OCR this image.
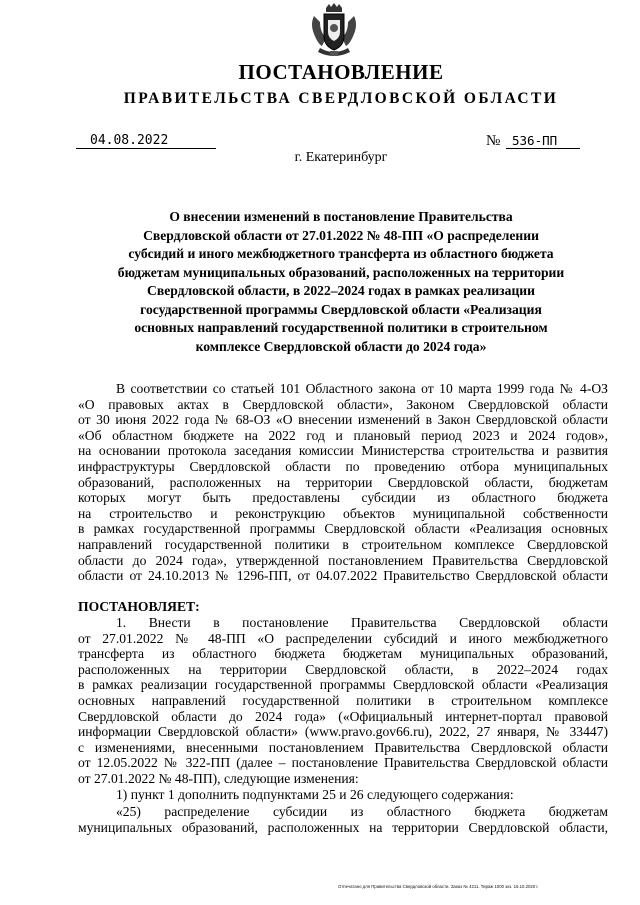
ПОСТАНОВЛЕНИЕ
ПРАВИТЕЛЬСТВА СВЕРДЛОВСКОЙ ОБЛАСТИ
04.08.2022	№ 536-ПП
г. Екатеринбург
О внесении изменений в постановление Правительства
Свердловской области от 27.01.2022 № 48-ПП «О распределении
субсидий и иного межбюджетного трансферта из областного бюджета
бюджетам муниципальных образований, расположенных на территории
Свердловской области, в 2022–2024 годах в рамках реализации
государственной программы Свердловской области «Реализация
основных направлений государственной политики в строительном
комплексе Свердловской области до 2024 года»

В соответствии со статьей 101 Областного закона от 10 марта 1999 года № 4-ОЗ

«О правовых актах в Свердловской области», Законом Свердловской области

от 30 июня 2022 года № 68-ОЗ «О внесении изменений в Закон Свердловской области

«Об областном бюджете на 2022 год и плановый период 2023 и 2024 годов»,

на основании протокола заседания комиссии Министерства строительства и развития

инфраструктуры Свердловской области по проведению отбора муниципальных

образований, расположенных на территории Свердловской области, бюджетам

которых могут быть предоставлены субсидии из областного бюджета

на строительство и реконструкцию объектов муниципальной собственности

в рамках государственной программы Свердловской области «Реализация основных

направлений государственной политики в строительном комплексе Свердловской

области до 2024 года», утвержденной постановлением Правительства Свердловской

области от 24.10.2013 № 1296-ПП, от 04.07.2022 Правительство Свердловской области

ПОСТАНОВЛЯЕТ:

1. Внести в постановление Правительства Свердловской области

от 27.01.2022 № 48-ПП «О распределении субсидий и иного межбюджетного

трансферта из областного бюджета бюджетам муниципальных образований,

расположенных на территории Свердловской области, в 2022–2024 годах

в рамках реализации государственной программы Свердловской области «Реализация

основных направлений государственной политики в строительном комплексе

Свердловской области до 2024 года» («Официальный интернет-портал правовой

информации Свердловской области» (www.pravo.gov66.ru), 2022, 27 января, № 33447)

с изменениями, внесенными постановлением Правительства Свердловской области

от 12.05.2022 № 322-ПП (далее – постановление Правительства Свердловской области

от 27.01.2022 № 48-ПП), следующие изменения:

1) пункт 1 дополнить подпунктами 25 и 26 следующего содержания:

«25) распределение субсидии из областного бюджета бюджетам

муниципальных образований, расположенных на территории Свердловской области,

Отпечатано для Правительства Свердловской области. Заказ № 4211. Тираж 1000 экз. 16.10.2020 г.
